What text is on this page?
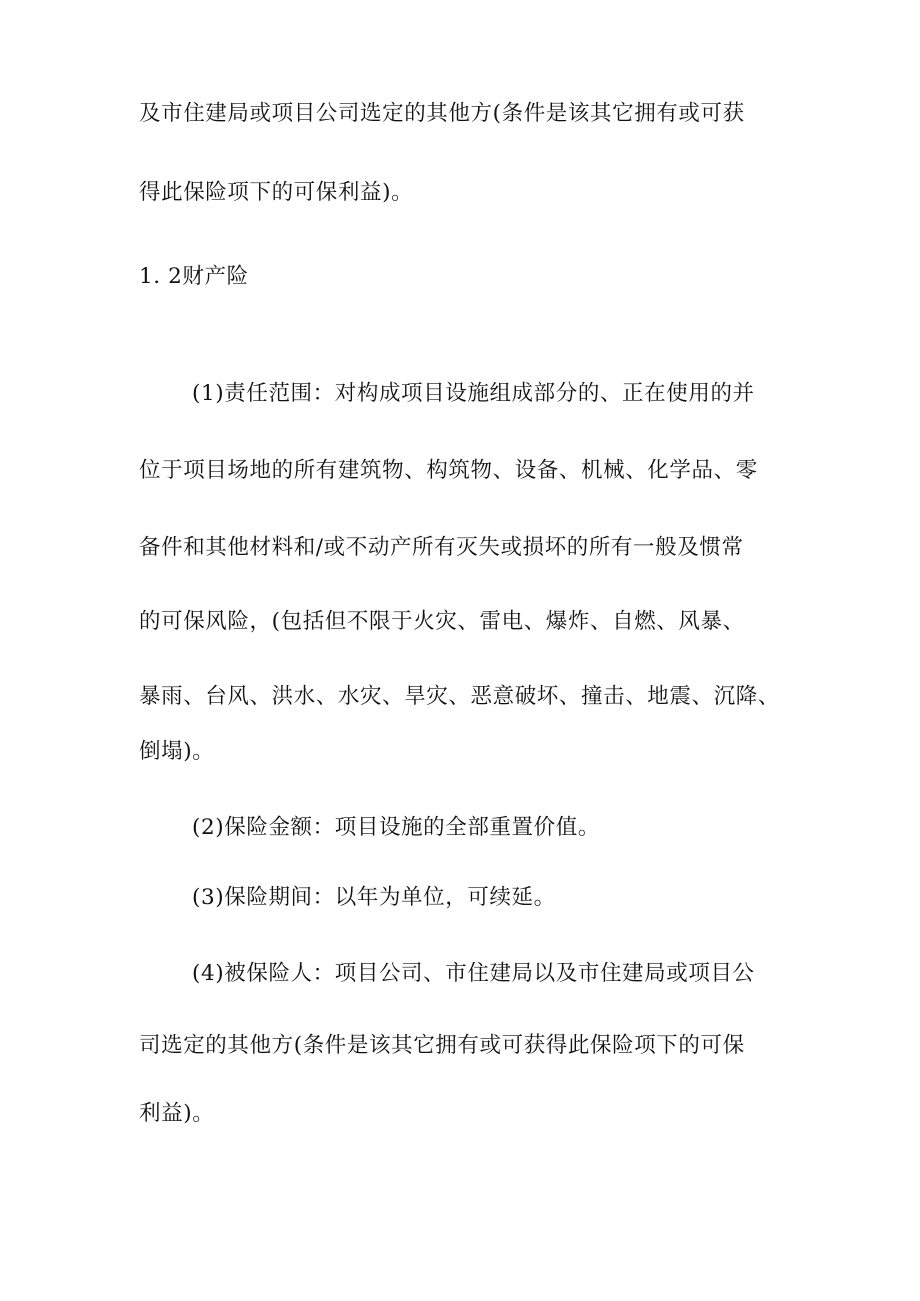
及市住建局或项目公司选定的其他方(条件是该其它拥有或可获

得此保险项下的可保利益)。

1. 2财产险

(1)责任范围：对构成项目设施组成部分的、正在使用的并

位于项目场地的所有建筑物、构筑物、设备、机械、化学品、零

备件和其他材料和/或不动产所有灭失或损坏的所有一般及惯常

的可保风险，(包括但不限于火灾、雷电、爆炸、自燃、风暴、

暴雨、台风、洪水、水灾、旱灾、恶意破坏、撞击、地震、沉降、

倒塌)。

(2)保险金额：项目设施的全部重置价值。

(3)保险期间：以年为单位，可续延。

(4)被保险人：项目公司、市住建局以及市住建局或项目公

司选定的其他方(条件是该其它拥有或可获得此保险项下的可保

利益)。
